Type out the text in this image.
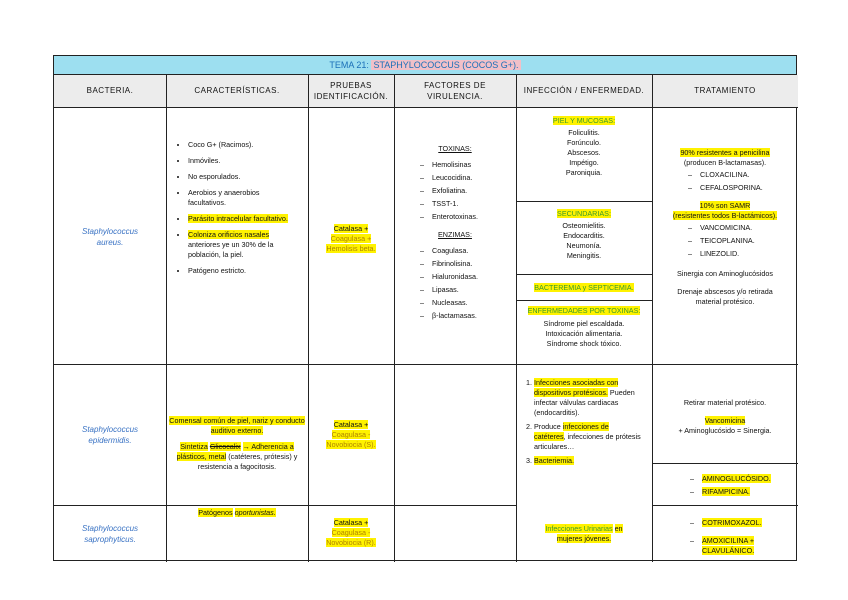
TEMA 21: STAPHYLOCOCCUS (COCOS G+).
BACTERIA.	CARACTERÍSTICAS.
PRUEBAS IDENTIFICACIÓN.
FACTORES DE VIRULENCIA.
INFECCIÓN / ENFERMEDAD.	TRATAMIENTO
Staphylococcus aureus.
• Coco G+ (Racimos).
• Inmóviles.
• No esporulados.
• Aerobios y anaerobios facultativos.
• Parásito intracelular facultativo.
• Coloniza orificios nasales
anteriores ye un 30% de la población, la piel.
• Patógeno estricto.
Catalasa +
Coagulasa +
Hemolisis beta.
TOXINAS:
– Hemolisinas
– Leucocidina.
– Exfoliatina.
– TSST-1.
– Enterotoxinas.
ENZIMAS:
– Coagulasa.
– Fibrinolisina.
– Hialuronidasa.
– Lipasas.
– Nucleasas.
– β-lactamasas.
PIEL Y MUCOSAS:
Foliculitis.
Forúnculo.
Abscesos.
Impétigo.
Paroniquia.
SECUNDARIAS:
Osteomielitis.
Endocarditis.
Neumonía.
Meningitis.
BACTEREMIA y SEPTICEMIA.
ENFERMEDADES POR TOXINAS:
Síndrome piel escaldada.
Intoxicación alimentaria.
Síndrome shock tóxico.
90% resistentes a penicilina
(producen B-lactamasas).
– CLOXACILINA.
– CEFALOSPORINA.
10% son SAMR
(resistentes todos B-lactámicos).
– VANCOMICINA.
– TEICOPLANINA.
– LINEZOLID.
Sinergia con Aminoglucósidos
Drenaje abscesos y/o retirada material protésico.
Staphylococcus epidermidis.
Comensal común de piel, nariz y conducto auditivo externo.
Sintetiza Glicocalix → Adherencia a plásticos, metal (catéteres, prótesis) y resistencia a fagocitosis.
Patógenos oportunistas.
Catalasa +
Coagulasa -
Novobiocia (S).
1. Infecciones asociadas con dispositivos protésicos. Pueden infectar válvulas cardiacas (endocarditis).
2. Produce infecciones de catéteres, infecciones de prótesis articulares…
3. Bacteriemia.
Retirar material protésico.
Vancomicina
+ Aminoglucósido = Sinergia.
– AMINOGLUCÓSIDO.
– RIFAMPICINA.
Staphylococcus saprophyticus.
Catalasa +
Coagulasa -
Novobiocia (R).
Infecciones Urinarias en mujeres jóvenes.
– COTRIMOXAZOL.
– AMOXICILINA + CLAVULÁNICO.
